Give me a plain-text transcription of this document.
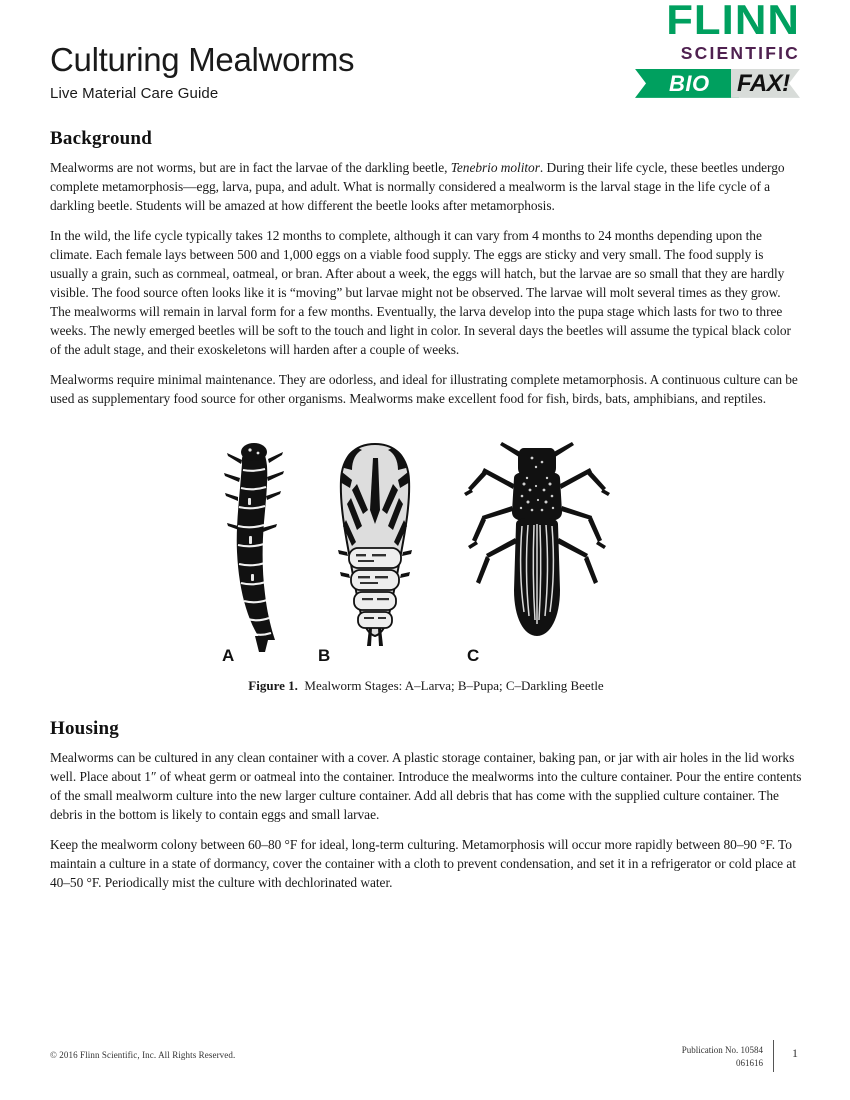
Culturing Mealworms
Live Material Care Guide
FLINN
SCIENTIFIC
BIO FAX!
Background

Mealworms are not worms, but are in fact the larvae of the darkling beetle, Tenebrio molitor. During their life cycle, these beetles undergo complete metamorphosis—egg, larva, pupa, and adult. What is normally considered a mealworm is the larval stage in the life cycle of a darkling beetle. Students will be amazed at how different the beetle looks after metamorphosis.

In the wild, the life cycle typically takes 12 months to complete, although it can vary from 4 months to 24 months depending upon the climate. Each female lays between 500 and 1,000 eggs on a viable food supply. The eggs are sticky and very small. The food supply is usually a grain, such as cornmeal, oatmeal, or bran. After about a week, the eggs will hatch, but the larvae are so small that they are hardly visible. The food source often looks like it is “moving” but larvae might not be observed. The larvae will molt several times as they grow. The mealworms will remain in larval form for a few months. Eventually, the larva develop into the pupa stage which lasts for two to three weeks. The newly emerged beetles will be soft to the touch and light in color. In several days the beetles will assume the typical black color of the adult stage, and their exoskeletons will harden after a couple of weeks.

Mealworms require minimal maintenance. They are odorless, and ideal for illustrating complete metamorphosis. A continuous culture can be used as supplementary food source for other organisms. Mealworms make excellent food for fish, birds, bats, amphibians, and reptiles.

A	B	C
Figure 1. Mealworm Stages: A–Larva; B–Pupa; C–Darkling Beetle
Housing

Mealworms can be cultured in any clean container with a cover. A plastic storage container, baking pan, or jar with air holes in the lid works well. Place about 1″ of wheat germ or oatmeal into the container. Introduce the mealworms into the culture container. Pour the entire contents of the small mealworm culture into the new larger culture container. Add all debris that has come with the supplied culture container. The debris in the bottom is likely to contain eggs and small larvae.

Keep the mealworm colony between 60–80 °F for ideal, long-term culturing. Metamorphosis will occur more rapidly between 80–90 °F. To maintain a culture in a state of dormancy, cover the container with a cloth to prevent condensation, and set it in a refrigerator or cold place at 40–50 °F. Periodically mist the culture with dechlorinated water.

© 2016 Flinn Scientific, Inc. All Rights Reserved.	Publication No. 10584
061616
1
